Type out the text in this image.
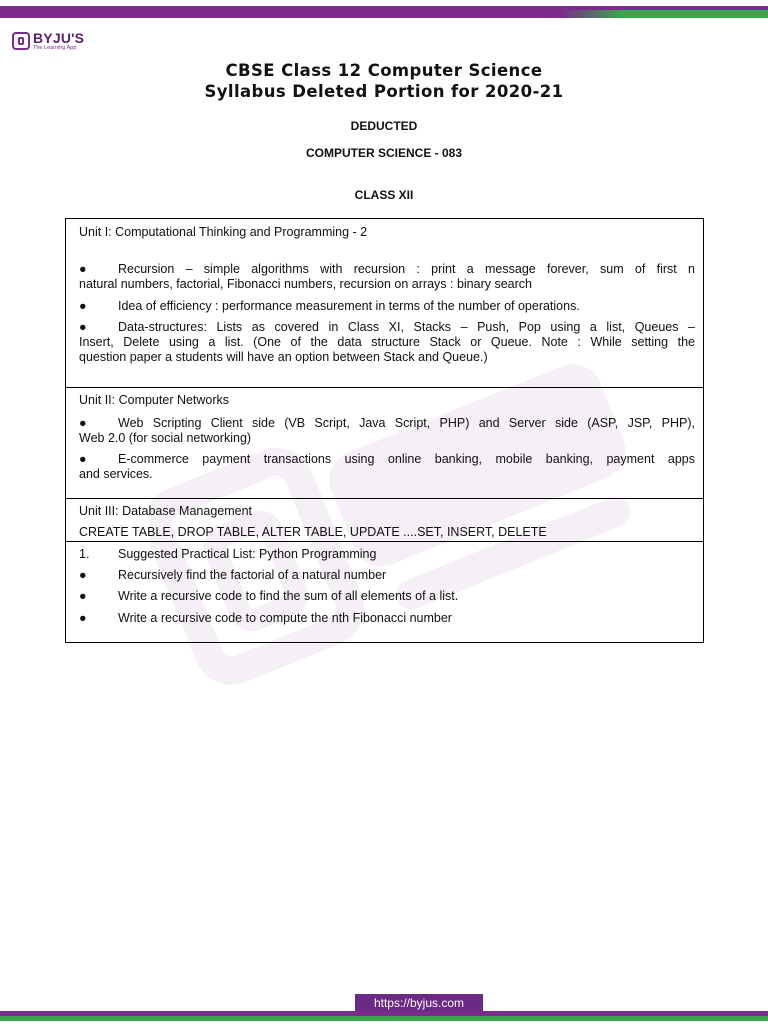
BYJU'S
The Learning App
CBSE Class 12 Computer Science
Syllabus Deleted Portion for 2020-21
DEDUCTED
COMPUTER SCIENCE - 083
CLASS XII
Unit I: Computational Thinking and Programming - 2
●	Recursion – simple algorithms with recursion : print a message forever, sum of first n
natural numbers, factorial, Fibonacci numbers, recursion on arrays : binary search
●	Idea of efficiency : performance measurement in terms of the number of operations.
●	Data-structures: Lists as covered in Class XI, Stacks – Push, Pop using a list, Queues –
Insert, Delete using a list. (One of the data structure Stack or Queue. Note : While setting the
question paper a students will have an option between Stack and Queue.)
Unit II: Computer Networks
●	Web Scripting Client side (VB Script, Java Script, PHP) and Server side (ASP, JSP, PHP),
Web 2.0 (for social networking)
●	E-commerce payment transactions using online banking, mobile banking, payment apps
and services.
Unit III: Database Management
CREATE TABLE, DROP TABLE, ALTER TABLE, UPDATE ....SET, INSERT, DELETE
1. Suggested Practical List: Python Programming
●	Recursively find the factorial of a natural number
●	Write a recursive code to find the sum of all elements of a list.
●	Write a recursive code to compute the nth Fibonacci number
https://byjus.com
